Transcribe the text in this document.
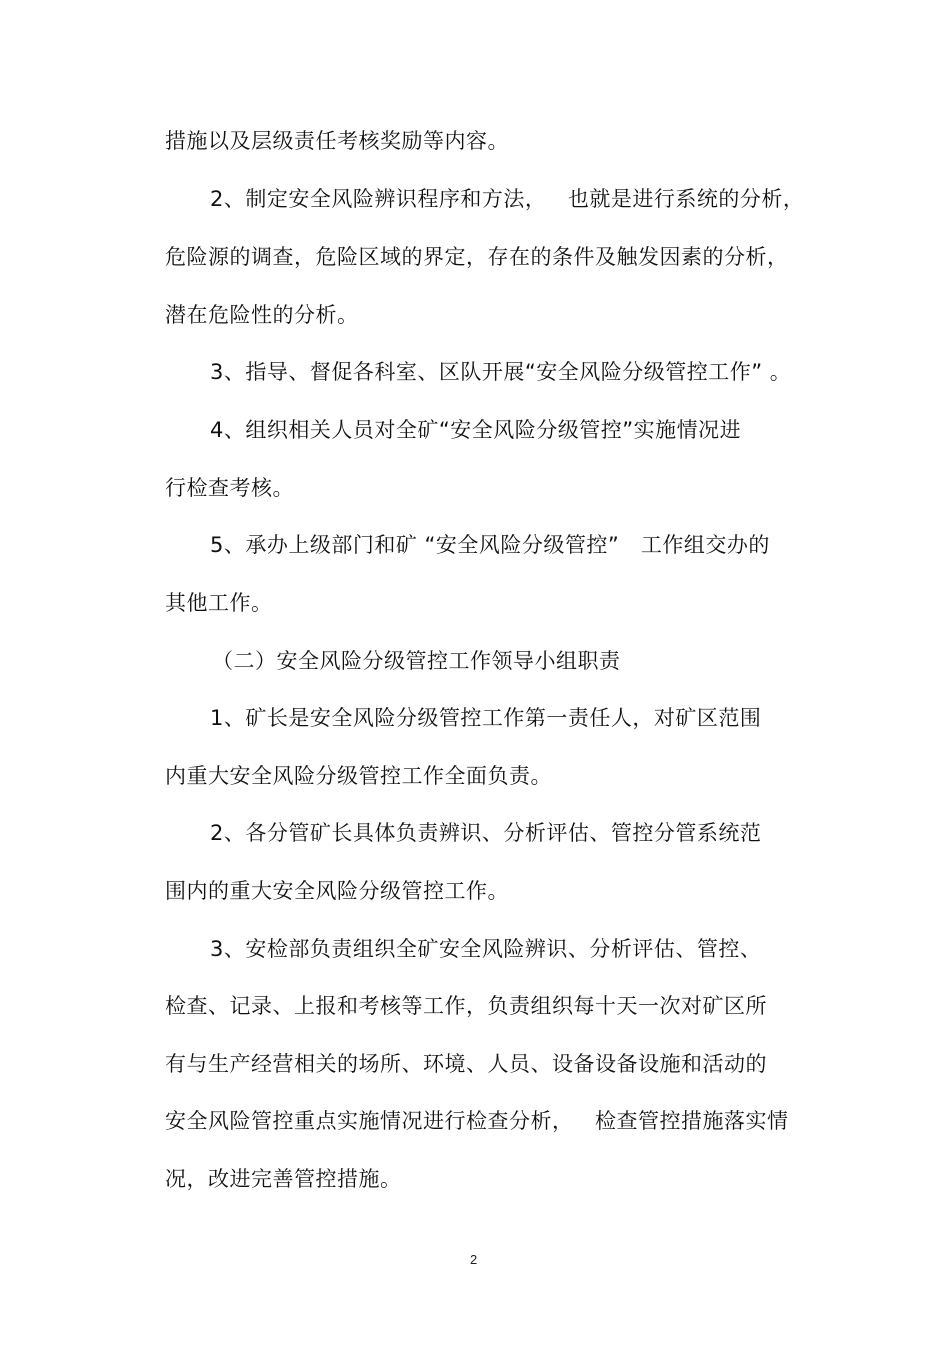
措施以及层级责任考核奖励等内容。
2、制定安全风险辨识程序和方法，   也就是进行系统的分析，
危险源的调查，危险区域的界定，存在的条件及触发因素的分析，
潜在危险性的分析。
3、指导、督促各科室、区队开展“安全风险分级管控工作” 。
4、组织相关人员对全矿“安全风险分级管控”实施情况进
行检查考核。
5、承办上级部门和矿 “安全风险分级管控”   工作组交办的
其他工作。
（二）安全风险分级管控工作领导小组职责
1、矿长是安全风险分级管控工作第一责任人，对矿区范围
内重大安全风险分级管控工作全面负责。
2、各分管矿长具体负责辨识、分析评估、管控分管系统范
围内的重大安全风险分级管控工作。
3、安检部负责组织全矿安全风险辨识、分析评估、管控、
检查、记录、上报和考核等工作，负责组织每十天一次对矿区所
有与生产经营相关的场所、环境、人员、设备设备设施和活动的
安全风险管控重点实施情况进行检查分析，   检查管控措施落实情
况，改进完善管控措施。
2
